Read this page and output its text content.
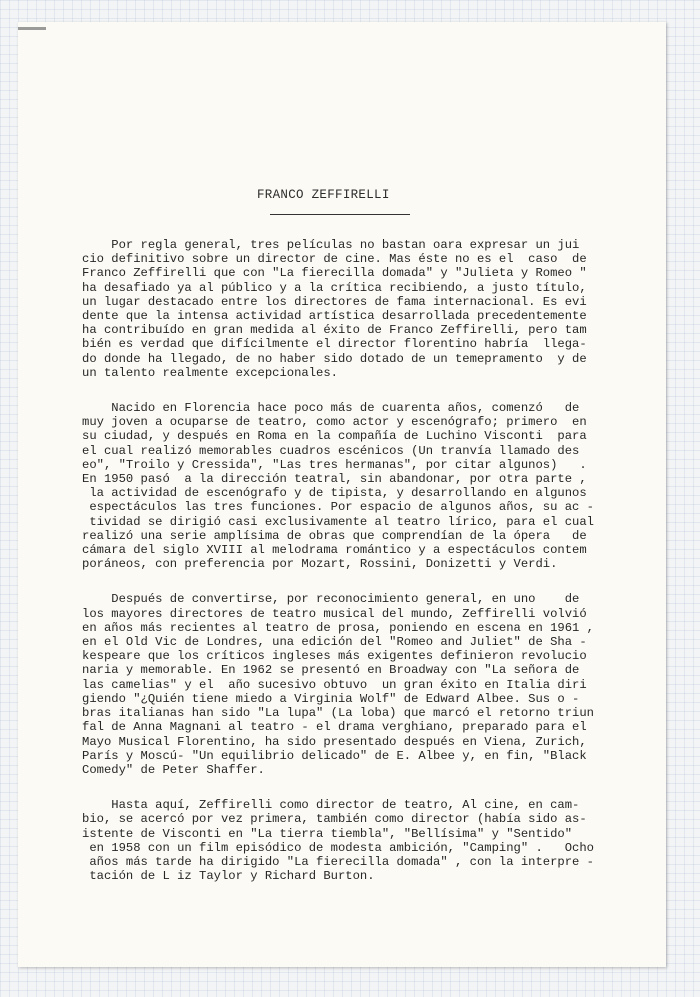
FRANCO ZEFFIRELLI
Por regla general, tres películas no bastan oara expresar un jui
cio definitivo sobre un director de cine. Mas éste no es el  caso  de
Franco Zeffirelli que con "La fierecilla domada" y "Julieta y Romeo "
ha desafiado ya al público y a la crítica recibiendo, a justo título,
un lugar destacado entre los directores de fama internacional. Es evi
dente que la intensa actividad artística desarrollada precedentemente
ha contribuído en gran medida al éxito de Franco Zeffirelli, pero tam
bién es verdad que difícilmente el director florentino habría  llega-
do donde ha llegado, de no haber sido dotado de un temepramento  y de
un talento realmente excepcionales.
Nacido en Florencia hace poco más de cuarenta años, comenzó   de
muy joven a ocuparse de teatro, como actor y escenógrafo; primero  en
su ciudad, y después en Roma en la compañía de Luchino Visconti  para
el cual realizó memorables cuadros escénicos (Un tranvía llamado des
eo", "Troilo y Cressida", "Las tres hermanas", por citar algunos)   .
En 1950 pasó  a la dirección teatral, sin abandonar, por otra parte ,
la actividad de escenógrafo y de tipista, y desarrollando en algunos
espectáculos las tres funciones. Por espacio de algunos años, su ac -
tividad se dirigió casi exclusivamente al teatro lírico, para el cual
realizó una serie amplísima de obras que comprendían de la ópera   de
cámara del siglo XVIII al melodrama romántico y a espectáculos contem
poráneos, con preferencia por Mozart, Rossini, Donizetti y Verdi.
Después de convertirse, por reconocimiento general, en uno    de
los mayores directores de teatro musical del mundo, Zeffirelli volvió
en años más recientes al teatro de prosa, poniendo en escena en 1961 ,
en el Old Vic de Londres, una edición del "Romeo and Juliet" de Sha -
kespeare que los críticos ingleses más exigentes definieron revolucio
naria y memorable. En 1962 se presentó en Broadway con "La señora de
las camelias" y el  año sucesivo obtuvo  un gran éxito en Italia diri
giendo "¿Quién tiene miedo a Virginia Wolf" de Edward Albee. Sus o -
bras italianas han sido "La lupa" (La loba) que marcó el retorno triun
fal de Anna Magnani al teatro - el drama verghiano, preparado para el
Mayo Musical Florentino, ha sido presentado después en Viena, Zurich,
París y Moscú- "Un equilibrio delicado" de E. Albee y, en fin, "Black
Comedy" de Peter Shaffer.
Hasta aquí, Zeffirelli como director de teatro, Al cine, en cam-
bio, se acercó por vez primera, también como director (había sido as-
istente de Visconti en "La tierra tiembla", "Bellísima" y "Sentido"
en 1958 con un film episódico de modesta ambición, "Camping" .   Ocho
años más tarde ha dirigido "La fierecilla domada" , con la interpre -
tación de L iz Taylor y Richard Burton.
